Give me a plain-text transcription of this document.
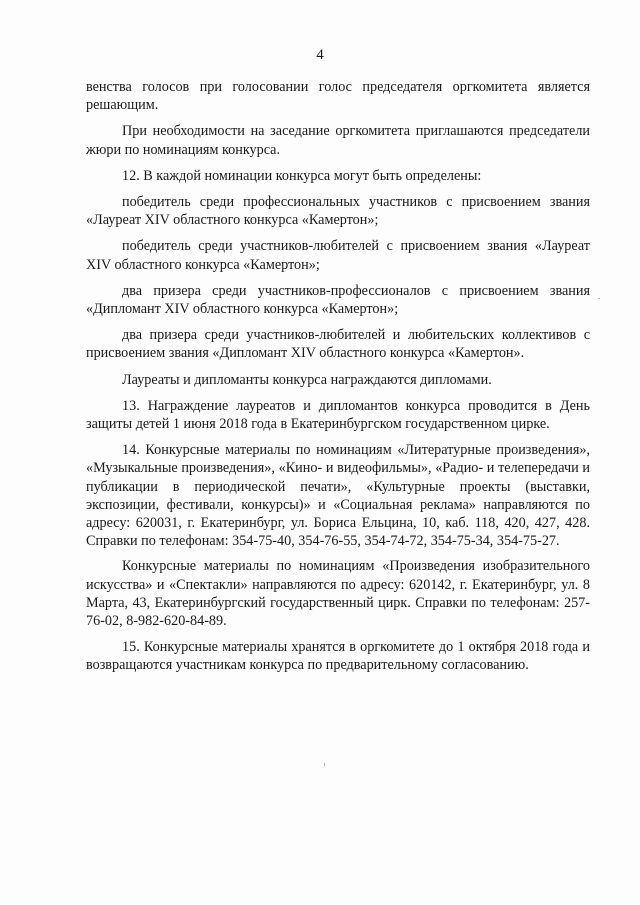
4

венства голосов при голосовании голос председателя оргкомитета является решающим.

При необходимости на заседание оргкомитета приглашаются председатели жюри по номинациям конкурса.

12. В каждой номинации конкурса могут быть определены:

победитель среди профессиональных участников с присвоением звания «Лауреат XIV областного конкурса «Камертон»;

победитель среди участников-любителей с присвоением звания «Лауреат XIV областного конкурса «Камертон»;

два призера среди участников-профессионалов с присвоением звания «Дипломант XIV областного конкурса «Камертон»;

два призера среди участников-любителей и любительских коллективов с присвоением звания «Дипломант XIV областного конкурса «Камертон».

Лауреаты и дипломанты конкурса награждаются дипломами.

13. Награждение лауреатов и дипломантов конкурса проводится в День защиты детей 1 июня 2018 года в Екатеринбургском государственном цирке.

14. Конкурсные материалы по номинациям «Литературные произведения», «Музыкальные произведения», «Кино- и видеофильмы», «Радио- и телепередачи и публикации в периодической печати», «Культурные проекты (выставки, экспозиции, фестивали, конкурсы)» и «Социальная реклама» направляются по адресу: 620031, г. Екатеринбург, ул. Бориса Ельцина, 10, каб. 118, 420, 427, 428. Справки по телефонам: 354-75-40, 354-76-55, 354-74-72, 354-75-34, 354-75-27.

Конкурсные материалы по номинациям «Произведения изобразительного искусства» и «Спектакли» направляются по адресу: 620142, г. Екатеринбург, ул. 8 Марта, 43, Екатеринбургский государственный цирк. Справки по телефонам: 257-76-02, 8-982-620-84-89.

15. Конкурсные материалы хранятся в оргкомитете до 1 октября 2018 года и возвращаются участникам конкурса по предварительному согласованию.
